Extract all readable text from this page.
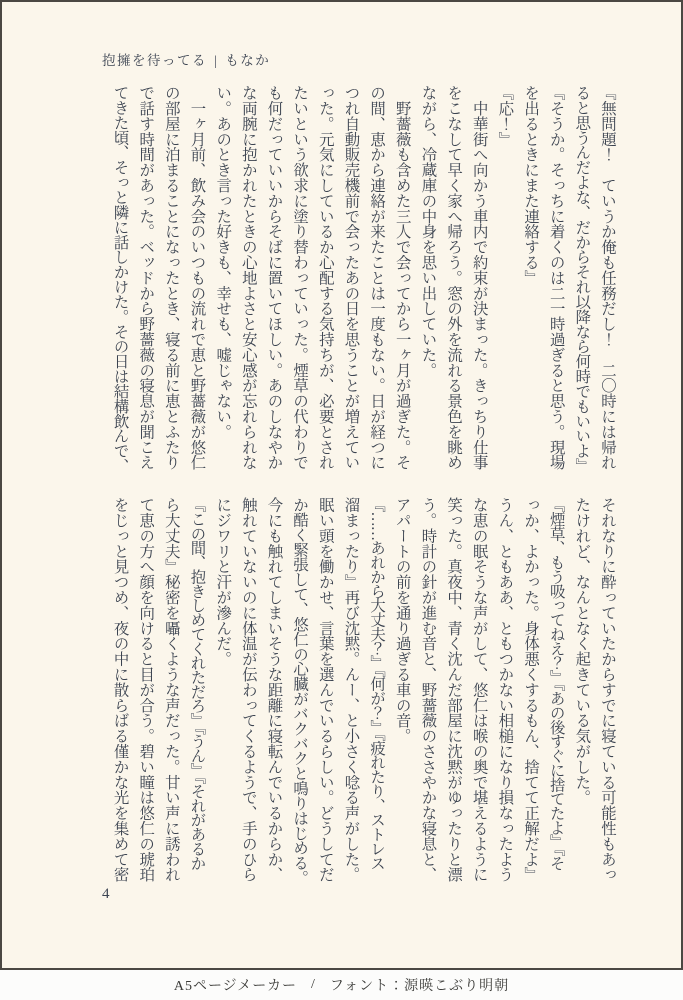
抱擁を待ってる | もなか
『無問題！　ていうか俺も任務だし！　二〇時には帰れ
ると思うんだよな、だからそれ以降なら何時でもいいよ』
『そうか。そっちに着くのは二一時過ぎると思う。現場
を出るときにまた連絡する』
『応！』
　中華街へ向かう車内で約束が決まった。きっちり仕事
をこなして早く家へ帰ろう。窓の外を流れる景色を眺め
ながら、冷蔵庫の中身を思い出していた。
　野薔薇も含めた三人で会ってから一ヶ月が過ぎた。そ
の間、恵から連絡が来たことは一度もない。日が経つに
つれ自動販売機前で会ったあの日を思うことが増えてい
った。元気にしているか心配する気持ちが、必要とされ
たいという欲求に塗り替わっていった。煙草の代わりで
も何だっていいからそばに置いてほしい。あのしなやか
な両腕に抱かれたときの心地よさと安心感が忘れられな
い。あのとき言った好きも、幸せも、嘘じゃない。
　一ヶ月前、飲み会のいつもの流れで恵と野薔薇が悠仁
の部屋に泊まることになったとき、寝る前に恵とふたり
で話す時間があった。ベッドから野薔薇の寝息が聞こえ
てきた頃、そっと隣に話しかけた。その日は結構飲んで、
それなりに酔っていたからすでに寝ている可能性もあっ
たけれど、なんとなく起きている気がした。
『煙草、もう吸ってねえ？』『あの後すぐに捨てたよ』『そ
っか、よかった。身体悪くするもん、捨てて正解だよ』
うん、ともああ、ともつかない相槌になり損なったよう
な恵の眠そうな声がして、悠仁は喉の奥で堪えるように
笑った。真夜中、青く沈んだ部屋に沈黙がゆったりと漂
う。時計の針が進む音と、野薔薇のささやかな寝息と、
アパートの前を通り過ぎる車の音。
『……あれから大丈夫？』『何が？』『疲れたり、ストレス
溜まったり』再び沈黙。んー、と小さく唸る声がした。
眠い頭を働かせ、言葉を選んでいるらしい。どうしてだ
か酷く緊張して、悠仁の心臓がバクバクと鳴りはじめる。
今にも触れてしまいそうな距離に寝転んでいるからか、
触れていないのに体温が伝わってくるようで、手のひら
にジワリと汗が滲んだ。
『この間、抱きしめてくれただろ』『うん』『それがあるか
ら大丈夫』秘密を囁くような声だった。甘い声に誘われ
て恵の方へ顔を向けると目が合う。碧い瞳は悠仁の琥珀
をじっと見つめ、夜の中に散らばる僅かな光を集めて密
4
A5ページメーカー / フォント：源暎こぶり明朝
